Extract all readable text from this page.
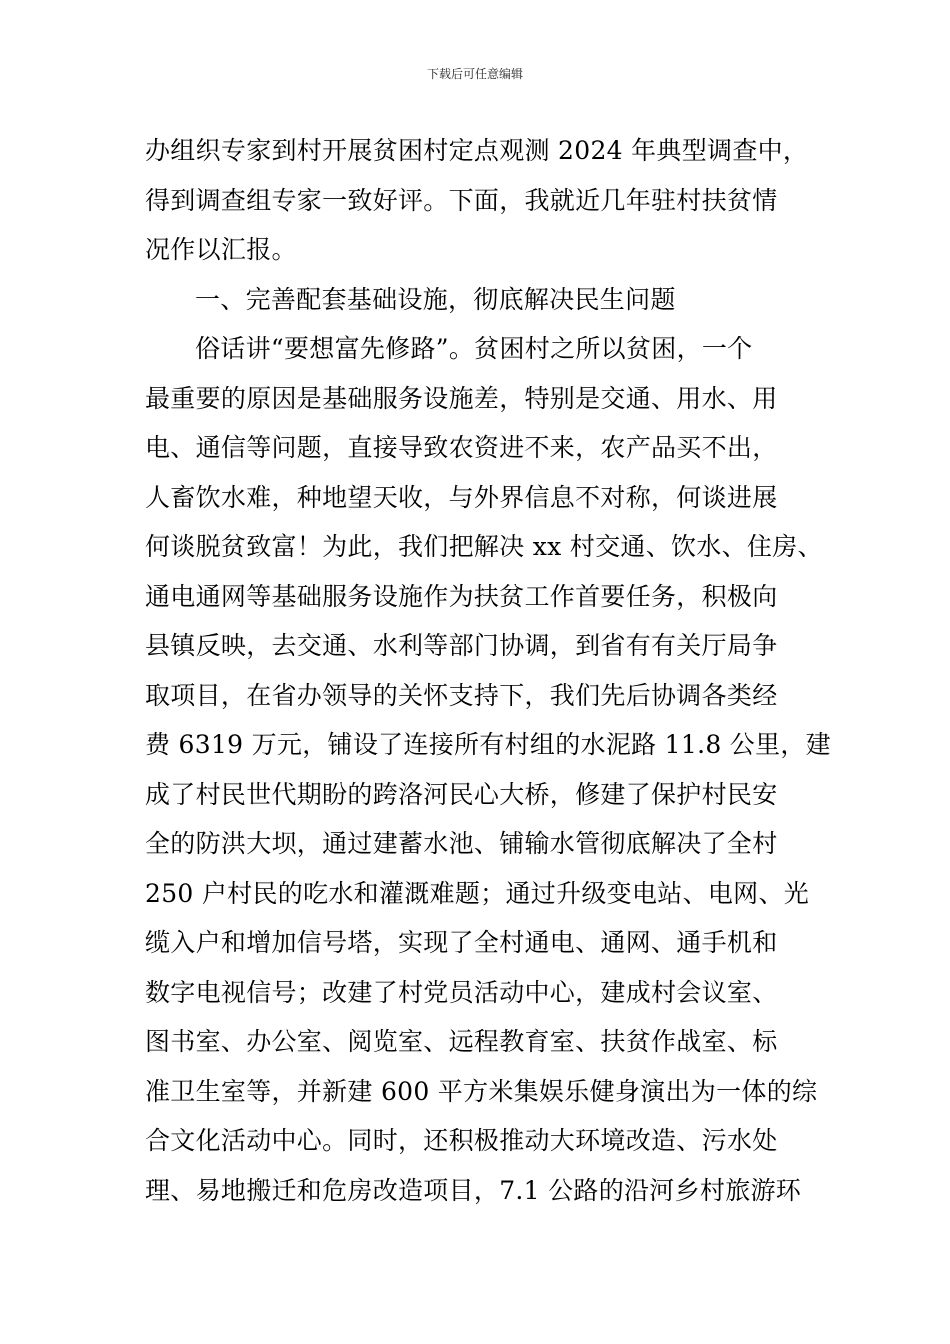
下载后可任意编辑
办组织专家到村开展贫困村定点观测 2024 年典型调查中，
得到调查组专家一致好评。下面，我就近几年驻村扶贫情
况作以汇报。
一、完善配套基础设施，彻底解决民生问题
俗话讲“要想富先修路”。贫困村之所以贫困，一个
最重要的原因是基础服务设施差，特别是交通、用水、用
电、通信等问题，直接导致农资进不来，农产品买不出，
人畜饮水难，种地望天收，与外界信息不对称，何谈进展
何谈脱贫致富！为此，我们把解决 xx 村交通、饮水、住房、
通电通网等基础服务设施作为扶贫工作首要任务，积极向
县镇反映，去交通、水利等部门协调，到省有有关厅局争
取项目，在省办领导的关怀支持下，我们先后协调各类经
费 6319 万元，铺设了连接所有村组的水泥路 11.8 公里，建
成了村民世代期盼的跨洛河民心大桥，修建了保护村民安
全的防洪大坝，通过建蓄水池、铺输水管彻底解决了全村
250 户村民的吃水和灌溉难题；通过升级变电站、电网、光
缆入户和增加信号塔，实现了全村通电、通网、通手机和
数字电视信号；改建了村党员活动中心，建成村会议室、
图书室、办公室、阅览室、远程教育室、扶贫作战室、标
准卫生室等，并新建 600 平方米集娱乐健身演出为一体的综
合文化活动中心。同时，还积极推动大环境改造、污水处
理、易地搬迁和危房改造项目，7.1 公路的沿河乡村旅游环
